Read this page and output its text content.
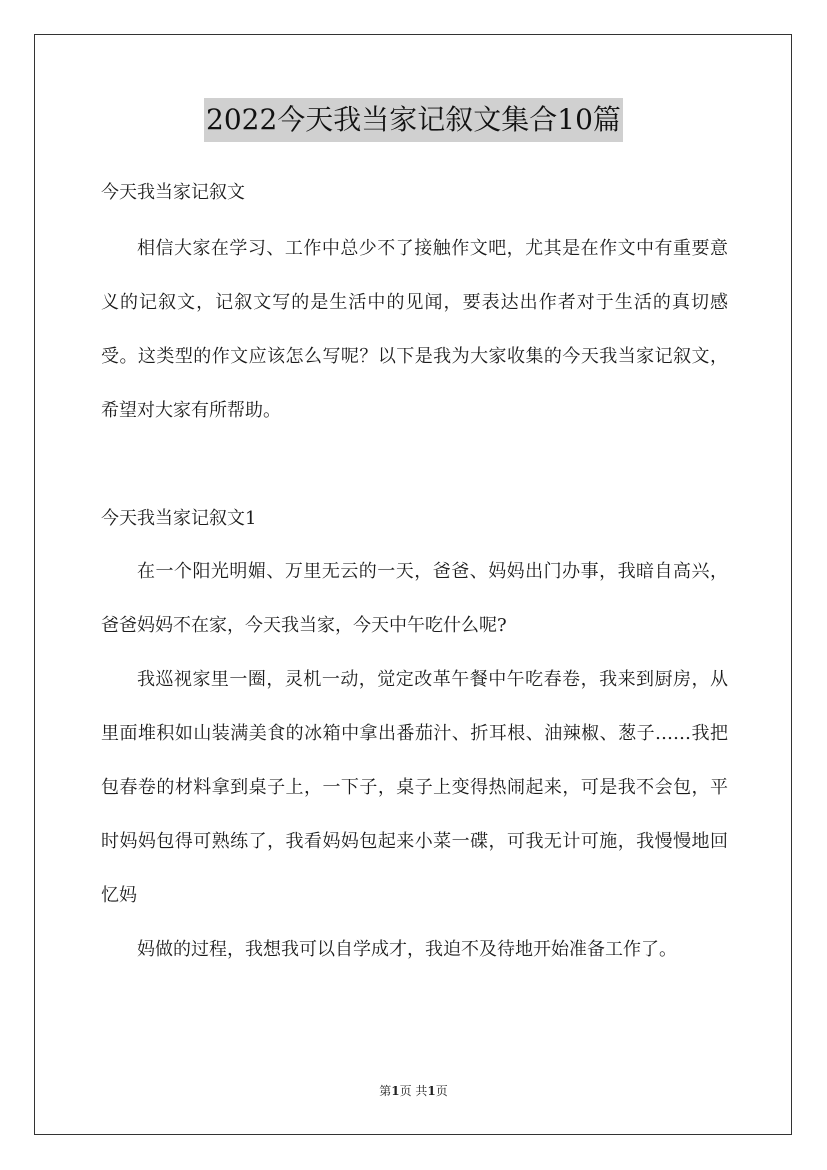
2022今天我当家记叙文集合10篇
今天我当家记叙文

相信大家在学习、工作中总少不了接触作文吧，尤其是在作文中有重要意义的记叙文，记叙文写的是生活中的见闻，要表达出作者对于生活的真切感受。这类型的作文应该怎么写呢？以下是我为大家收集的今天我当家记叙文，希望对大家有所帮助。

今天我当家记叙文1

在一个阳光明媚、万里无云的一天，爸爸、妈妈出门办事，我暗自高兴，爸爸妈妈不在家，今天我当家，今天中午吃什么呢?

我巡视家里一圈，灵机一动，觉定改革午餐中午吃春卷，我来到厨房，从里面堆积如山装满美食的冰箱中拿出番茄汁、折耳根、油辣椒、葱子……我把包春卷的材料拿到桌子上，一下子，桌子上变得热闹起来，可是我不会包，平时妈妈包得可熟练了，我看妈妈包起来小菜一碟，可我无计可施，我慢慢地回忆妈

妈做的过程，我想我可以自学成才，我迫不及待地开始准备工作了。

第1页 共1页
